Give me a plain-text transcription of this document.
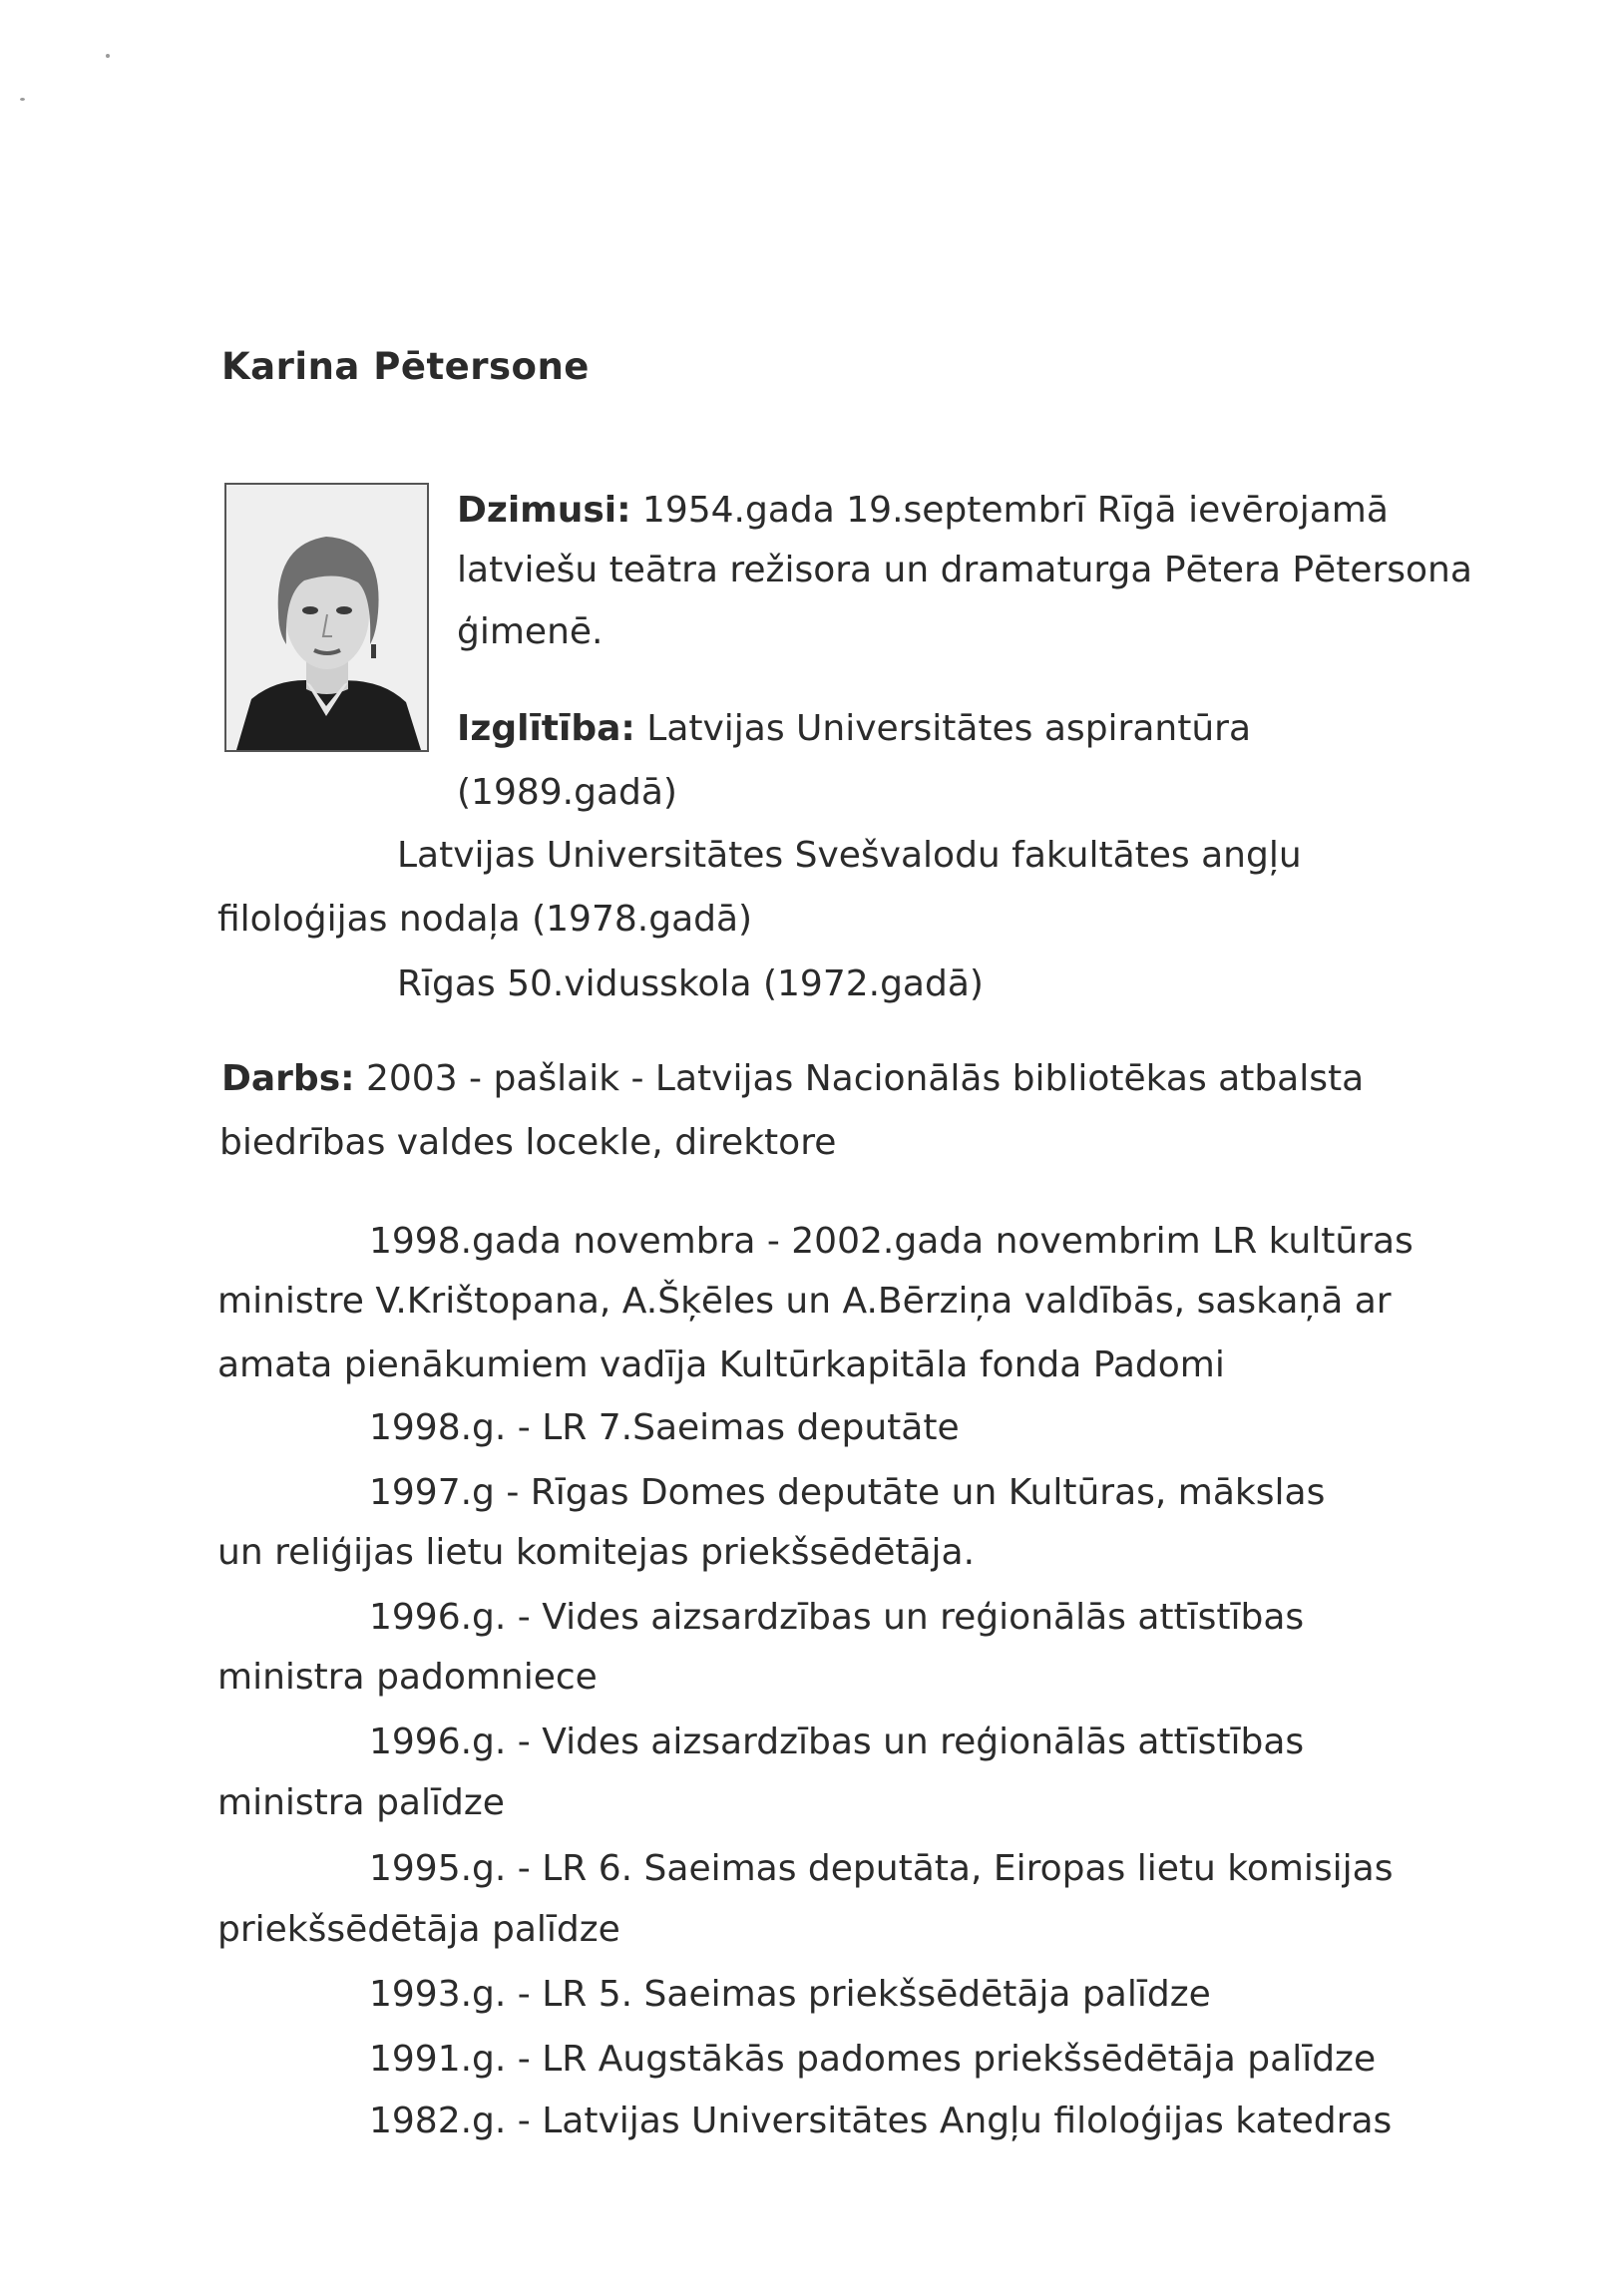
Karina Pētersone

Dzimusi: 1954.gada 19.septembrī Rīgā ievērojamā

latviešu teātra režisora un dramaturga Pētera Pētersona

ģimenē.

Izglītība: Latvijas Universitātes aspirantūra

(1989.gadā)

Latvijas Universitātes Svešvalodu fakultātes angļu

filoloģijas nodaļa (1978.gadā)

Rīgas 50.vidusskola (1972.gadā)

Darbs: 2003 - pašlaik - Latvijas Nacionālās bibliotēkas atbalsta

biedrības valdes locekle, direktore

1998.gada novembra - 2002.gada novembrim LR kultūras

ministre V.Krištopana, A.Šķēles un A.Bērziņa valdībās, saskaņā ar

amata pienākumiem vadīja Kultūrkapitāla fonda Padomi

1998.g. - LR 7.Saeimas deputāte

1997.g - Rīgas Domes deputāte un Kultūras, mākslas

un reliģijas lietu komitejas priekšsēdētāja.

1996.g. - Vides aizsardzības un reģionālās attīstības

ministra padomniece

1996.g. - Vides aizsardzības un reģionālās attīstības

ministra palīdze

1995.g. - LR 6. Saeimas deputāta, Eiropas lietu komisijas

priekšsēdētāja palīdze

1993.g. - LR 5. Saeimas priekšsēdētāja palīdze

1991.g. - LR Augstākās padomes priekšsēdētāja palīdze

1982.g. - Latvijas Universitātes Angļu filoloģijas katedras
